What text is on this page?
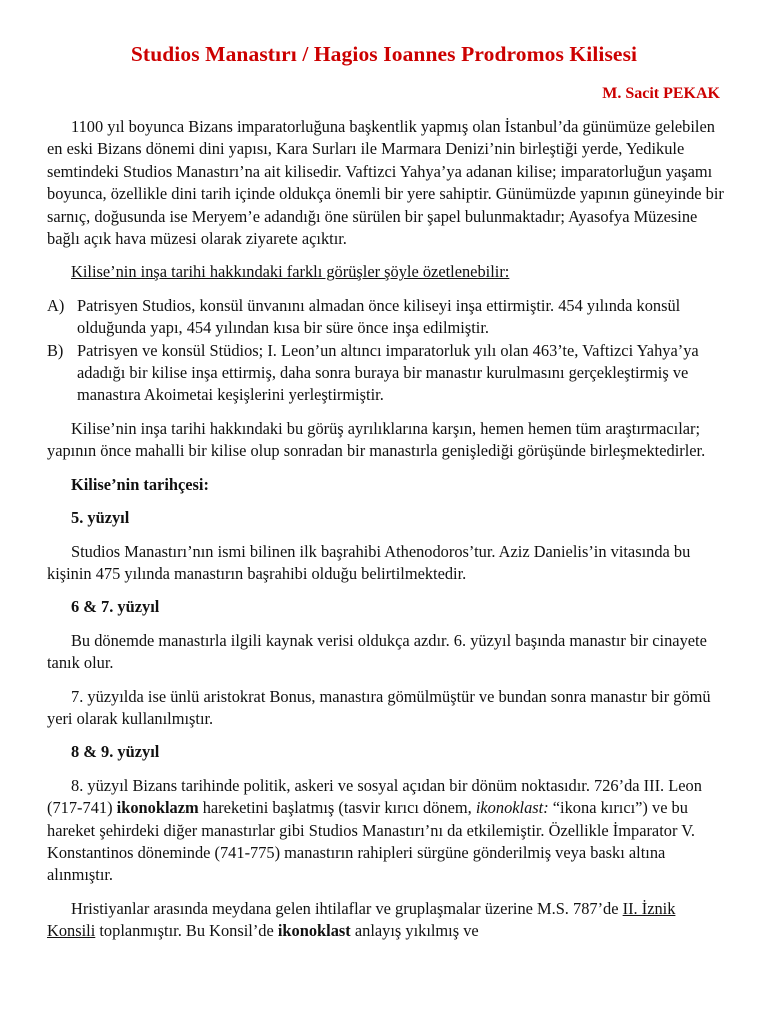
Studios Manastırı / Hagios Ioannes Prodromos Kilisesi
M. Sacit PEKAK

1100 yıl boyunca Bizans imparatorluğuna başkentlik yapmış olan İstanbul’da günümüze gelebilen en eski Bizans dönemi dini yapısı, Kara Surları ile Marmara Denizi’nin birleştiği yerde, Yedikule semtindeki Studios Manastırı’na ait kilisedir. Vaftizci Yahya’ya adanan kilise; imparatorluğun yaşamı boyunca, özellikle dini tarih içinde oldukça önemli bir yere sahiptir. Günümüzde yapının güneyinde bir sarnıç, doğusunda ise Meryem’e adandığı öne sürülen bir şapel bulunmaktadır; Ayasofya Müzesine bağlı açık hava müzesi olarak ziyarete açıktır.

Kilise’nin inşa tarihi hakkındaki farklı görüşler şöyle özetlenebilir:

A) Patrisyen Studios, konsül ünvanını almadan önce kiliseyi inşa ettirmiştir. 454 yılında konsül olduğunda yapı, 454 yılından kısa bir süre önce inşa edilmiştir.
B) Patrisyen ve konsül Stüdios; I. Leon’un altıncı imparatorluk yılı olan 463’te, Vaftizci Yahya’ya adadığı bir kilise inşa ettirmiş, daha sonra buraya bir manastır kurulmasını gerçekleştirmiş ve manastıra Akoimetai keşişlerini yerleştirmiştir.

Kilise’nin inşa tarihi hakkındaki bu görüş ayrılıklarına karşın, hemen hemen tüm araştırmacılar; yapının önce mahalli bir kilise olup sonradan bir manastırla genişlediği görüşünde birleşmektedirler.

Kilise’nin tarihçesi:
5. yüzyıl

Studios Manastırı’nın ismi bilinen ilk başrahibi Athenodoros’tur. Aziz Danielis’in vitasında bu kişinin 475 yılında manastırın başrahibi olduğu belirtilmektedir.

6 & 7. yüzyıl

Bu dönemde manastırla ilgili kaynak verisi oldukça azdır. 6. yüzyıl başında manastır bir cinayete tanık olur.

7. yüzyılda ise ünlü aristokrat Bonus, manastıra gömülmüştür ve bundan sonra manastır bir gömü yeri olarak kullanılmıştır.

8 & 9. yüzyıl

8. yüzyıl Bizans tarihinde politik, askeri ve sosyal açıdan bir dönüm noktasıdır. 726’da III. Leon (717-741) ikonoklazm hareketini başlatmış (tasvir kırıcı dönem, ikonoklast: “ikona kırıcı”) ve bu hareket şehirdeki diğer manastırlar gibi Studios Manastırı’nı da etkilemiştir. Özellikle İmparator V. Konstantinos döneminde (741-775) manastırın rahipleri sürgüne gönderilmiş veya baskı altına alınmıştır.

Hristiyanlar arasında meydana gelen ihtilaflar ve gruplaşmalar üzerine M.S. 787’de II. İznik Konsili toplanmıştır. Bu Konsil’de ikonoklast anlayış yıkılmış ve
